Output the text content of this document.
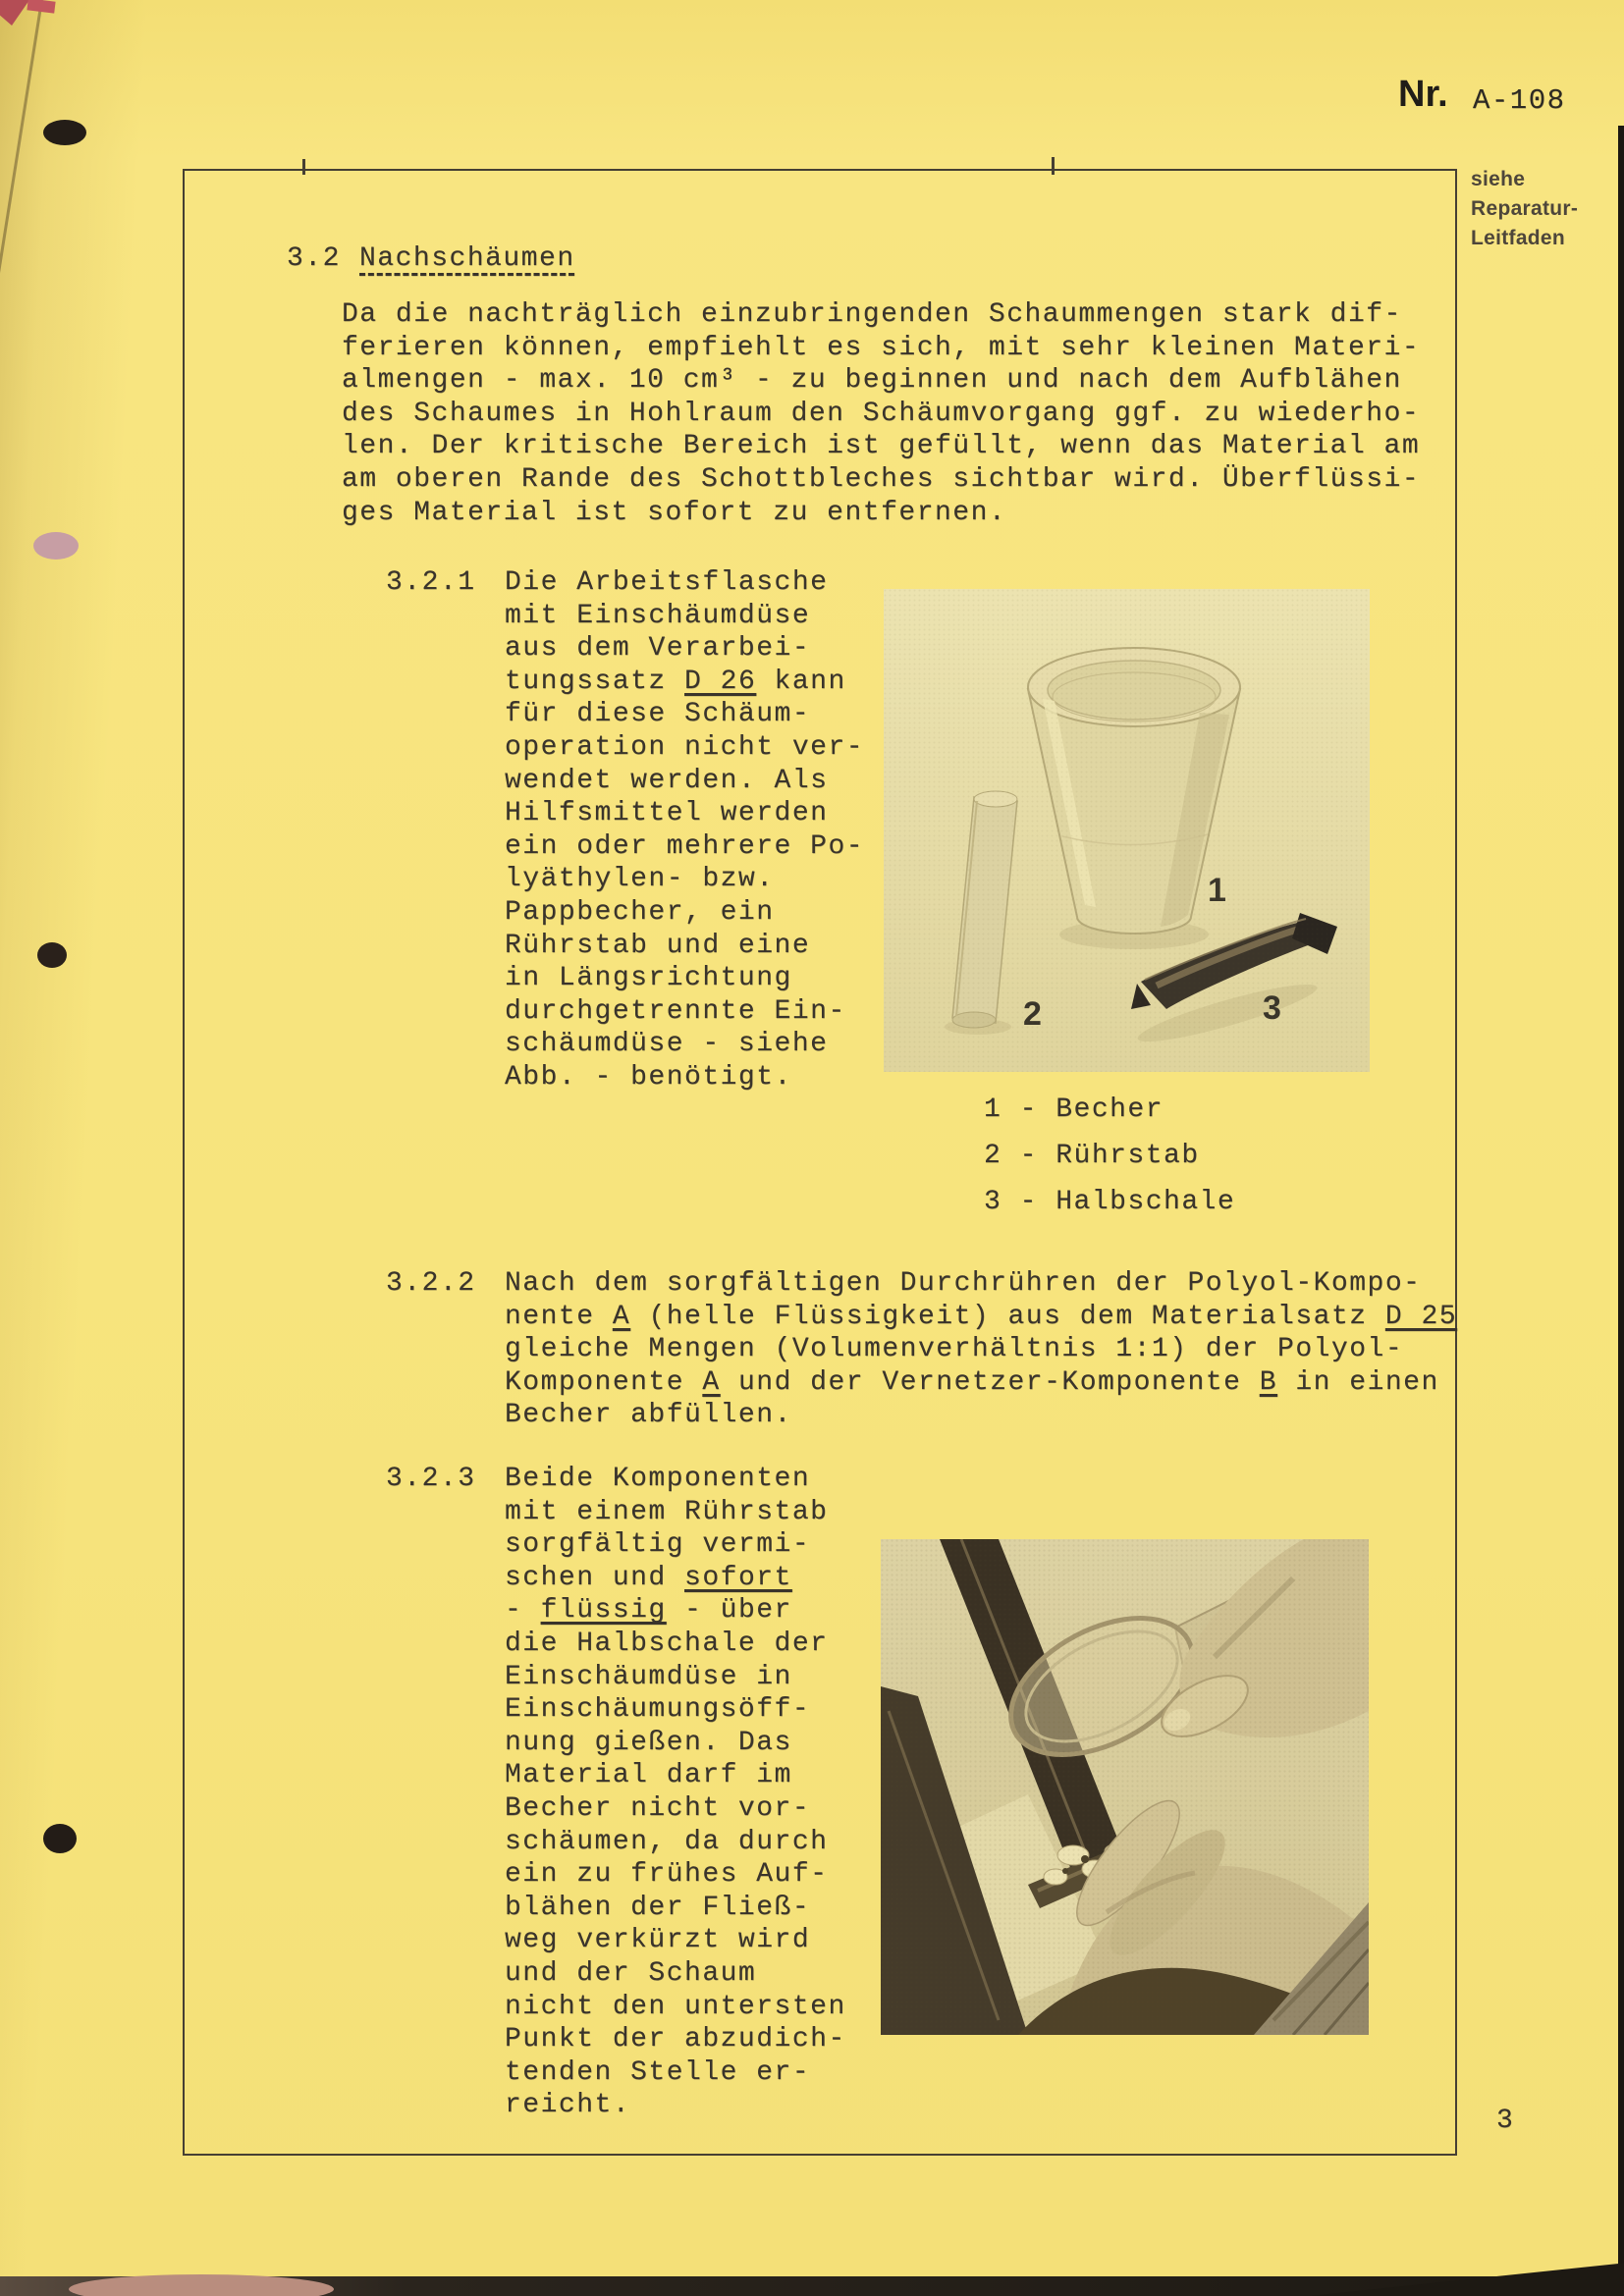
Nr. A-108
siehe
Reparatur-
Leitfaden
3.2 Nachschäumen
Da die nachträglich einzubringenden Schaummengen stark dif-
ferieren können, empfiehlt es sich, mit sehr kleinen Materi-
almengen - max. 10 cm³ - zu beginnen und nach dem Aufblähen
des Schaumes in Hohlraum den Schäumvorgang ggf. zu wiederho-
len. Der kritische Bereich ist gefüllt, wenn das Material am
am oberen Rande des Schottbleches sichtbar wird. Überflüssi-
ges Material ist sofort zu entfernen.
3.2.1 Die Arbeitsflasche
mit Einschäumdüse
aus dem Verarbei-
tungssatz D 26 kann
für diese Schäum-
operation nicht ver-
wendet werden. Als
Hilfsmittel werden
ein oder mehrere Po-
lyäthylen- bzw.
Pappbecher, ein
Rührstab und eine
in Längsrichtung
durchgetrennte Ein-
schäumdüse - siehe
Abb. - benötigt.
1 - Becher
2 - Rührstab
3 - Halbschale
3.2.2 Nach dem sorgfältigen Durchrühren der Polyol-Kompo-
nente A (helle Flüssigkeit) aus dem Materialsatz D 25
gleiche Mengen (Volumenverhältnis 1:1) der Polyol-
Komponente A und der Vernetzer-Komponente B in einen
Becher abfüllen.
3.2.3 Beide Komponenten
mit einem Rührstab
sorgfältig vermi-
schen und sofort
- flüssig - über
die Halbschale der
Einschäumdüse in
Einschäumungsöff-
nung gießen. Das
Material darf im
Becher nicht vor-
schäumen, da durch
ein zu frühes Auf-
blähen der Fließ-
weg verkürzt wird
und der Schaum
nicht den untersten
Punkt der abzudich-
tenden Stelle er-
reicht.
3
